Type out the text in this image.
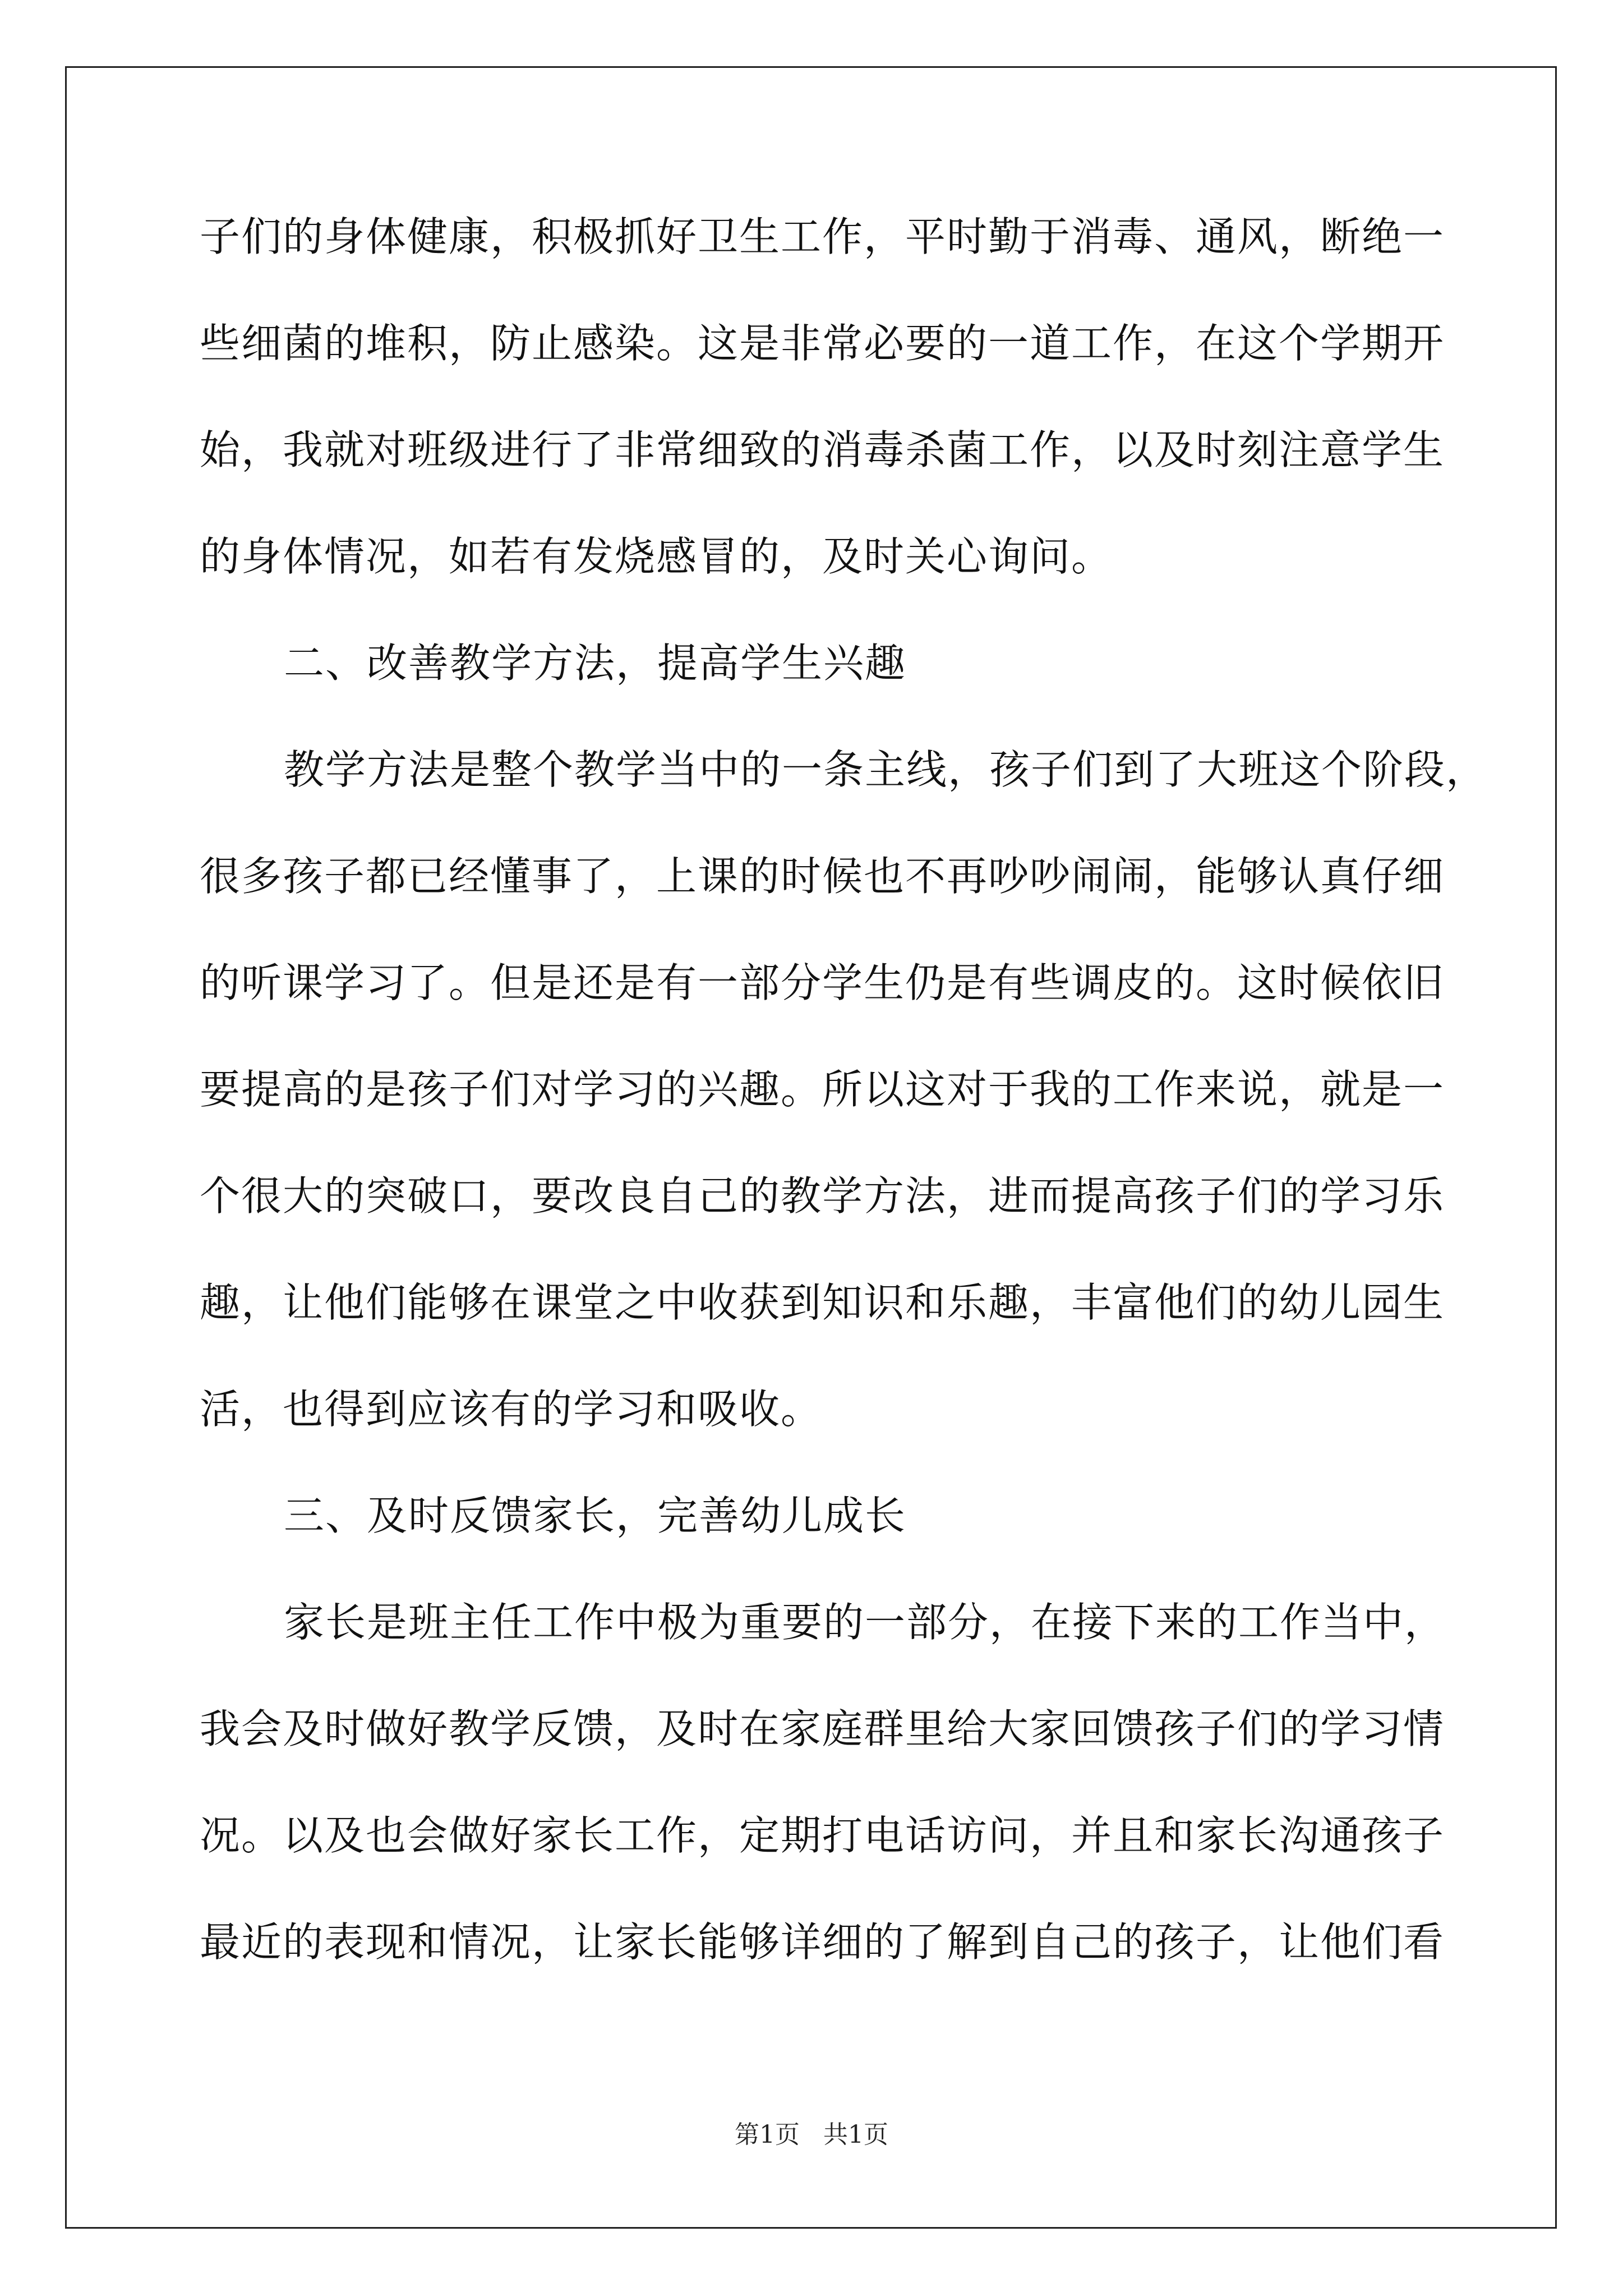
子们的身体健康，积极抓好卫生工作，平时勤于消毒、通风，断绝一
些细菌的堆积，防止感染。这是非常必要的一道工作，在这个学期开
始，我就对班级进行了非常细致的消毒杀菌工作，以及时刻注意学生
的身体情况，如若有发烧感冒的，及时关心询问。
二、改善教学方法，提高学生兴趣
教学方法是整个教学当中的一条主线，孩子们到了大班这个阶段，
很多孩子都已经懂事了，上课的时候也不再吵吵闹闹，能够认真仔细
的听课学习了。但是还是有一部分学生仍是有些调皮的。这时候依旧
要提高的是孩子们对学习的兴趣。所以这对于我的工作来说，就是一
个很大的突破口，要改良自己的教学方法，进而提高孩子们的学习乐
趣，让他们能够在课堂之中收获到知识和乐趣，丰富他们的幼儿园生
活，也得到应该有的学习和吸收。
三、及时反馈家长，完善幼儿成长
家长是班主任工作中极为重要的一部分，在接下来的工作当中，
我会及时做好教学反馈，及时在家庭群里给大家回馈孩子们的学习情
况。以及也会做好家长工作，定期打电话访问，并且和家长沟通孩子
最近的表现和情况，让家长能够详细的了解到自己的孩子，让他们看
第1页   共1页
